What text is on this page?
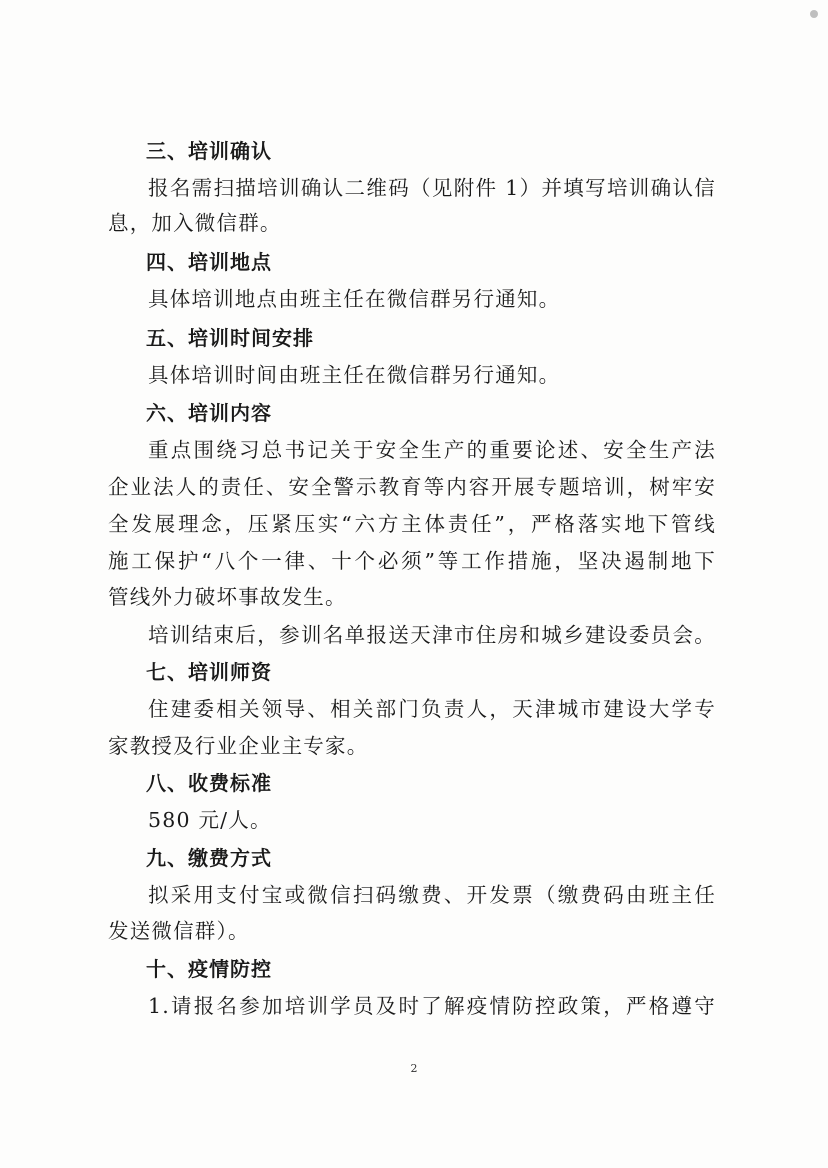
三、培训确认
报名需扫描培训确认二维码（见附件 1）并填写培训确认信
息，加入微信群。
四、培训地点
具体培训地点由班主任在微信群另行通知。
五、培训时间安排
具体培训时间由班主任在微信群另行通知。
六、培训内容
重点围绕习总书记关于安全生产的重要论述、安全生产法
企业法人的责任、安全警示教育等内容开展专题培训，树牢安
全发展理念，压紧压实“六方主体责任”，严格落实地下管线
施工保护“八个一律、十个必须”等工作措施，坚决遏制地下
管线外力破坏事故发生。
培训结束后，参训名单报送天津市住房和城乡建设委员会。
七、培训师资
住建委相关领导、相关部门负责人，天津城市建设大学专
家教授及行业企业主专家。
八、收费标准
580 元/人。
九、缴费方式
拟采用支付宝或微信扫码缴费、开发票（缴费码由班主任
发送微信群）。
十、疫情防控
1.请报名参加培训学员及时了解疫情防控政策，严格遵守
2
